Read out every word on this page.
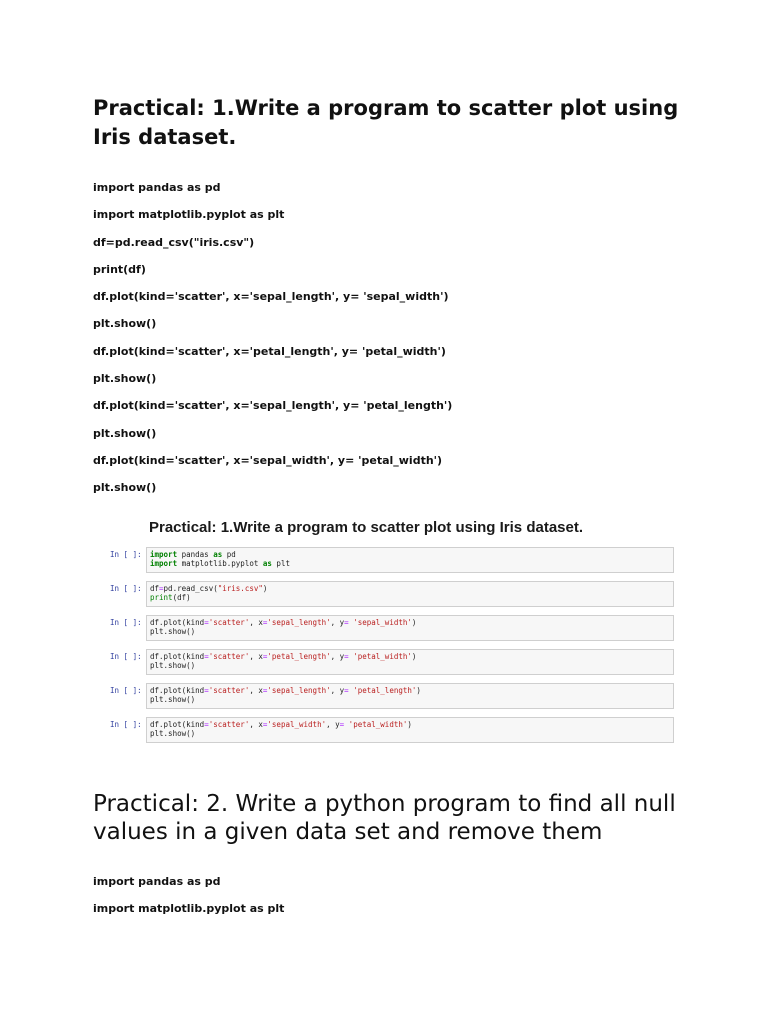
Practical: 1.Write a program to scatter plot using Iris dataset.
import pandas as pd
import matplotlib.pyplot as plt
df=pd.read_csv("iris.csv")
print(df)
df.plot(kind='scatter', x='sepal_length', y= 'sepal_width')
plt.show()
df.plot(kind='scatter', x='petal_length', y= 'petal_width')
plt.show()
df.plot(kind='scatter', x='sepal_length', y= 'petal_length')
plt.show()
df.plot(kind='scatter', x='sepal_width', y= 'petal_width')
plt.show()

Practical: 1.Write a program to scatter plot using Iris dataset.

In [ ]: import pandas as pd
import matplotlib.pyplot as plt
In [ ]: df=pd.read_csv("iris.csv")
print(df)
In [ ]: df.plot(kind='scatter', x='sepal_length', y= 'sepal_width')
plt.show()
In [ ]: df.plot(kind='scatter', x='petal_length', y= 'petal_width')
plt.show()
In [ ]: df.plot(kind='scatter', x='sepal_length', y= 'petal_length')
plt.show()
In [ ]: df.plot(kind='scatter', x='sepal_width', y= 'petal_width')
plt.show()
Practical: 2. Write a python program to find all null values in a given data set and remove them
import pandas as pd
import matplotlib.pyplot as plt
